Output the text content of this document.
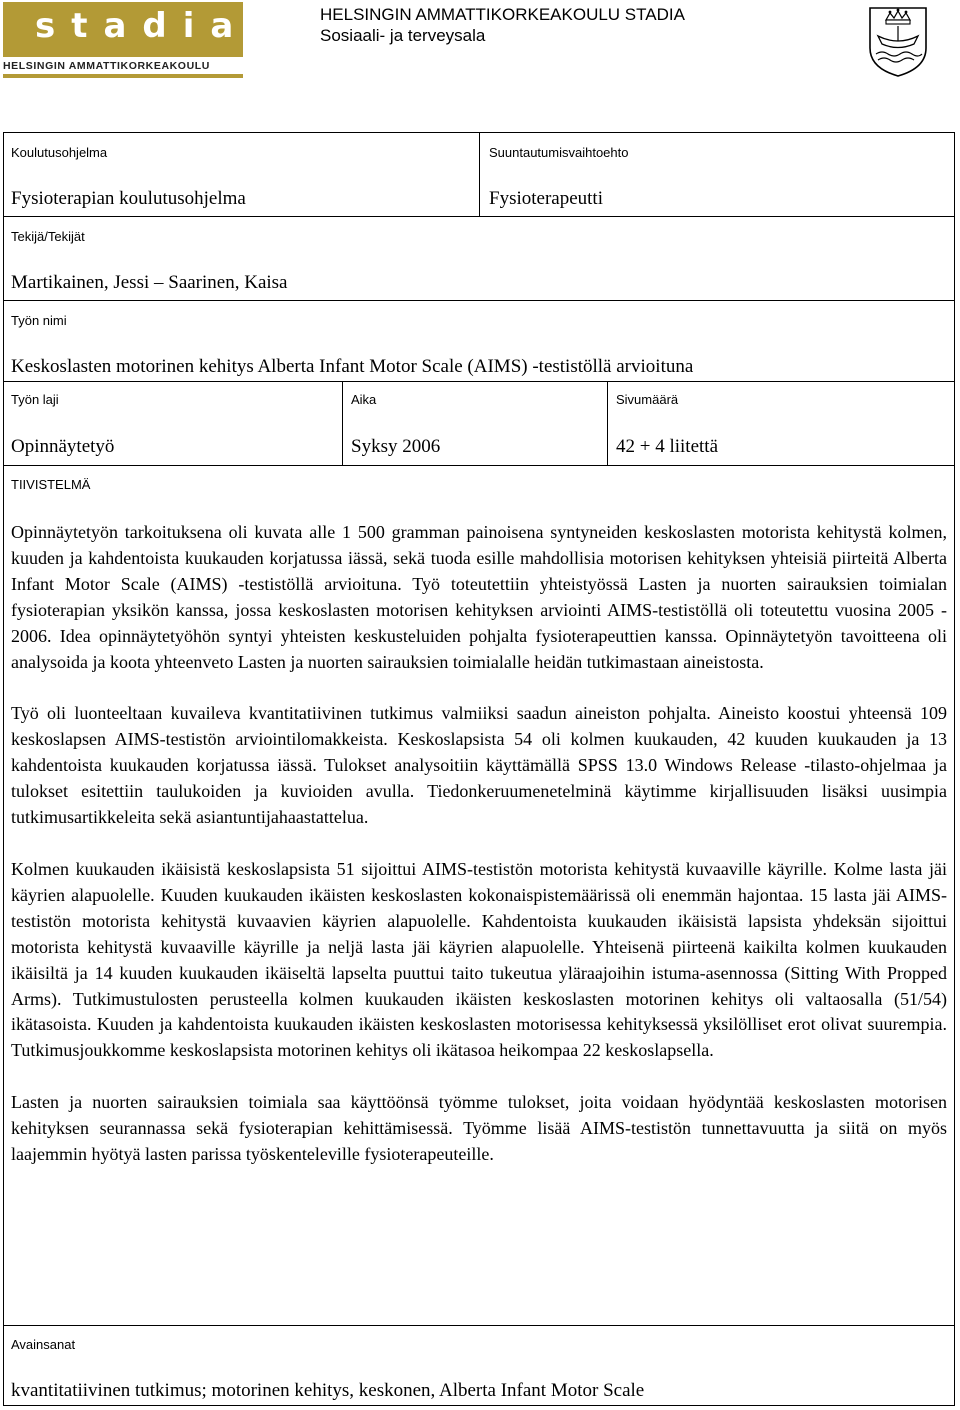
stadia
HELSINGIN AMMATTIKORKEAKOULU
HELSINGIN AMMATTIKORKEAKOULU STADIA
Sosiaali- ja terveysala
Koulutusohjelma
Fysioterapian koulutusohjelma
Suuntautumisvaihtoehto
Fysioterapeutti
Tekijä/Tekijät
Martikainen, Jessi – Saarinen, Kaisa
Työn nimi
Keskoslasten motorinen kehitys Alberta Infant Motor Scale (AIMS) -testistöllä arvioituna
Työn laji
Opinnäytetyö
Aika
Syksy 2006
Sivumäärä
42 + 4 liitettä
TIIVISTELMÄ

Opinnäytetyön tarkoituksena oli kuvata alle 1 500 gramman painoisena syntyneiden keskoslasten motorista kehitystä kolmen, kuuden ja kahdentoista kuukauden korjatussa iässä, sekä tuoda esille mahdollisia motorisen kehityksen yhteisiä piirteitä Alberta Infant Motor Scale (AIMS) -testistöllä arvioituna. Työ toteutettiin yhteistyössä Lasten ja nuorten sairauksien toimialan fysioterapian yksikön kanssa, jossa keskoslasten motorisen kehityksen arviointi AIMS-testistöllä oli toteutettu vuosina 2005 - 2006. Idea opinnäytetyöhön syntyi yhteisten keskusteluiden pohjalta fysioterapeuttien kanssa. Opinnäytetyön tavoitteena oli analysoida ja koota yhteenveto Lasten ja nuorten sairauksien toimialalle heidän tutkimastaan aineistosta.

Työ oli luonteeltaan kuvaileva kvantitatiivinen tutkimus valmiiksi saadun aineiston pohjalta. Aineisto koostui yhteensä 109 keskoslapsen AIMS-testistön arviointilomakkeista. Keskoslapsista 54 oli kolmen kuukauden, 42 kuuden kuukauden ja 13 kahdentoista kuukauden korjatussa iässä. Tulokset analysoitiin käyttämällä SPSS 13.0 Windows Release -tilasto-ohjelmaa ja tulokset esitettiin taulukoiden ja kuvioiden avulla. Tiedonkeruumenetelminä käytimme kirjallisuuden lisäksi uusimpia tutkimusartikkeleita sekä asiantuntijahaastattelua.

Kolmen kuukauden ikäisistä keskoslapsista 51 sijoittui AIMS-testistön motorista kehitystä kuvaaville käyrille. Kolme lasta jäi käyrien alapuolelle. Kuuden kuukauden ikäisten keskoslasten kokonaispistemäärissä oli enemmän hajontaa. 15 lasta jäi AIMS-testistön motorista kehitystä kuvaavien käyrien alapuolelle. Kahdentoista kuukauden ikäisistä lapsista yhdeksän sijoittui motorista kehitystä kuvaaville käyrille ja neljä lasta jäi käyrien alapuolelle. Yhteisenä piirteenä kaikilta kolmen kuukauden ikäisiltä ja 14 kuuden kuukauden ikäiseltä lapselta puuttui taito tukeutua yläraajoihin istuma-asennossa (Sitting With Propped Arms). Tutkimustulosten perusteella kolmen kuukauden ikäisten keskoslasten motorinen kehitys oli valtaosalla (51/54) ikätasoista. Kuuden ja kahdentoista kuukauden ikäisten keskoslasten motorisessa kehityksessä yksilölliset erot olivat suurempia. Tutkimusjoukkomme keskoslapsista motorinen kehitys oli ikätasoa heikompaa 22 keskoslapsella.

Lasten ja nuorten sairauksien toimiala saa käyttöönsä työmme tulokset, joita voidaan hyödyntää keskoslasten motorisen kehityksen seurannassa sekä fysioterapian kehittämisessä. Työmme lisää AIMS-testistön tunnettavuutta ja siitä on myös laajemmin hyötyä lasten parissa työskenteleville fysioterapeuteille.

Avainsanat
kvantitatiivinen tutkimus; motorinen kehitys, keskonen, Alberta Infant Motor Scale
